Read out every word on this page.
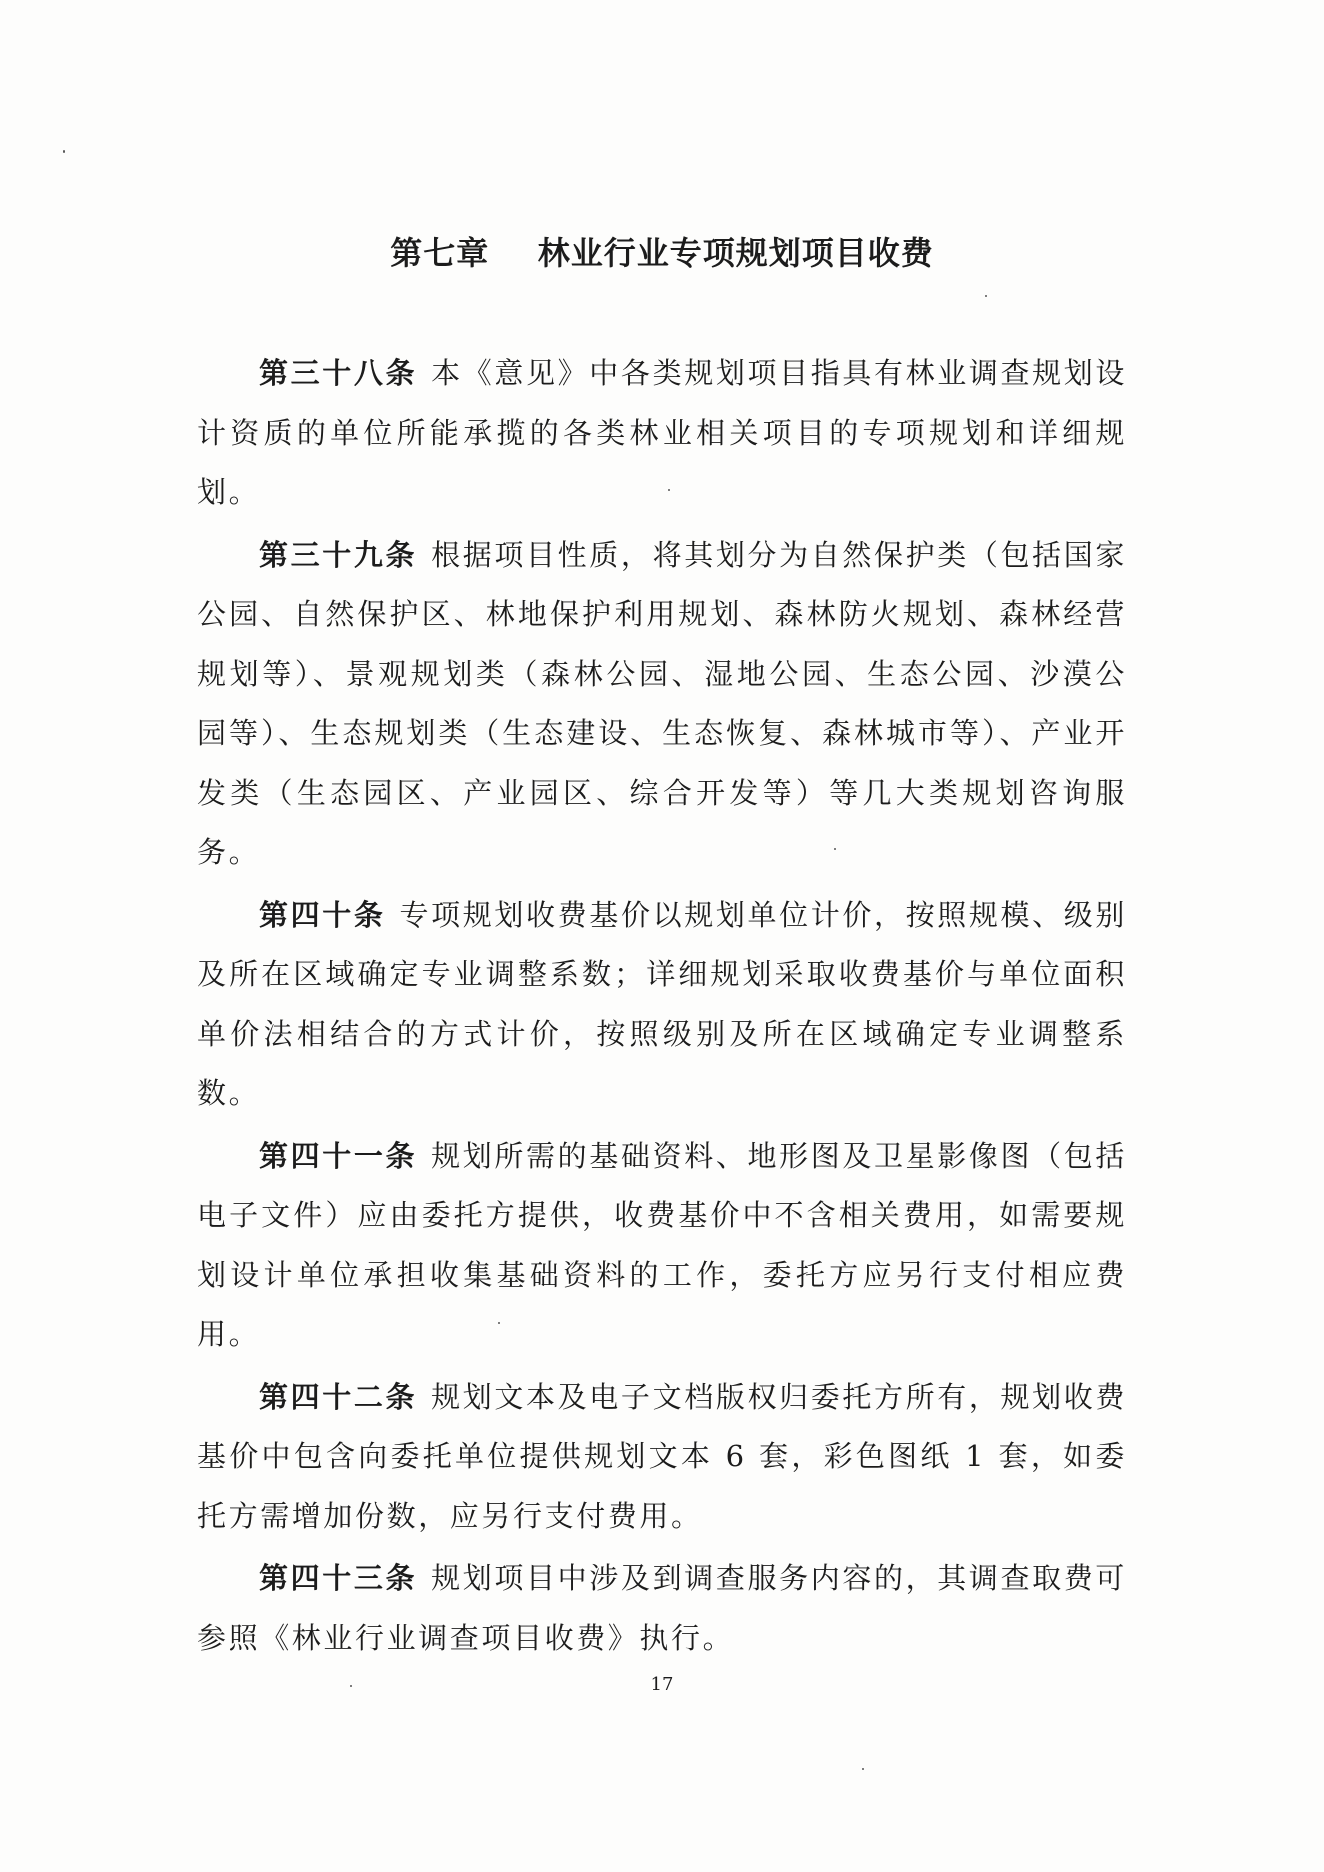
第七章    林业行业专项规划项目收费

第三十八条 本《意见》中各类规划项目指具有林业调查规划设计资质的单位所能承揽的各类林业相关项目的专项规划和详细规划。

第三十九条 根据项目性质，将其划分为自然保护类（包括国家公园、自然保护区、林地保护利用规划、森林防火规划、森林经营规划等）、景观规划类（森林公园、湿地公园、生态公园、沙漠公园等）、生态规划类（生态建设、生态恢复、森林城市等）、产业开发类（生态园区、产业园区、综合开发等）等几大类规划咨询服务。

第四十条 专项规划收费基价以规划单位计价，按照规模、级别及所在区域确定专业调整系数；详细规划采取收费基价与单位面积单价法相结合的方式计价，按照级别及所在区域确定专业调整系数。

第四十一条 规划所需的基础资料、地形图及卫星影像图（包括电子文件）应由委托方提供，收费基价中不含相关费用，如需要规划设计单位承担收集基础资料的工作，委托方应另行支付相应费用。

第四十二条 规划文本及电子文档版权归委托方所有，规划收费基价中包含向委托单位提供规划文本 6 套，彩色图纸 1 套，如委托方需增加份数，应另行支付费用。

第四十三条 规划项目中涉及到调查服务内容的，其调查取费可参照《林业行业调查项目收费》执行。

17
